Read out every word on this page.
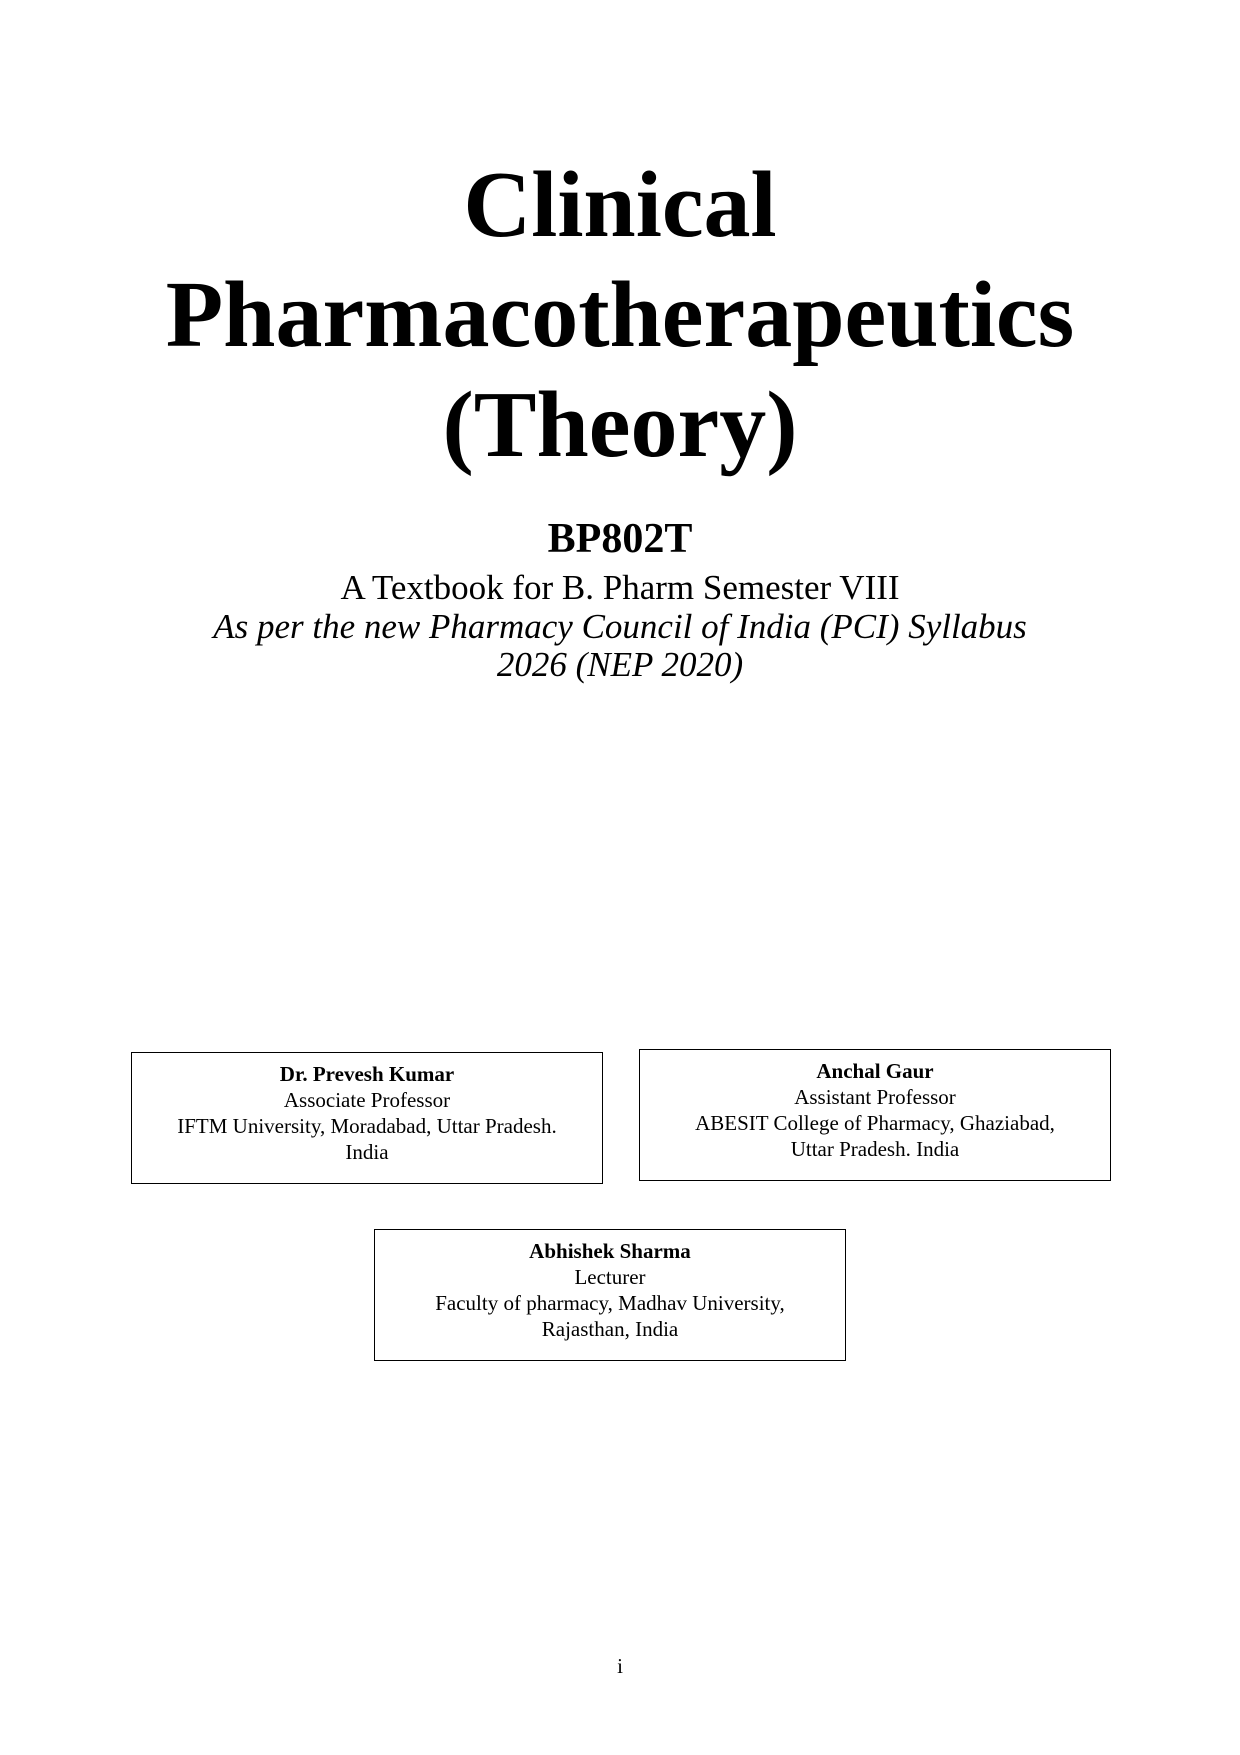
Clinical

Pharmacotherapeutics

(Theory)

BP802T
A Textbook for B. Pharm Semester VIII
As per the new Pharmacy Council of India (PCI) Syllabus
2026 (NEP 2020)
Dr. Prevesh Kumar
Associate Professor
IFTM University, Moradabad, Uttar Pradesh.
India
Anchal Gaur
Assistant Professor
ABESIT College of Pharmacy, Ghaziabad,
Uttar Pradesh. India
Abhishek Sharma
Lecturer
Faculty of pharmacy, Madhav University,
Rajasthan, India
i
